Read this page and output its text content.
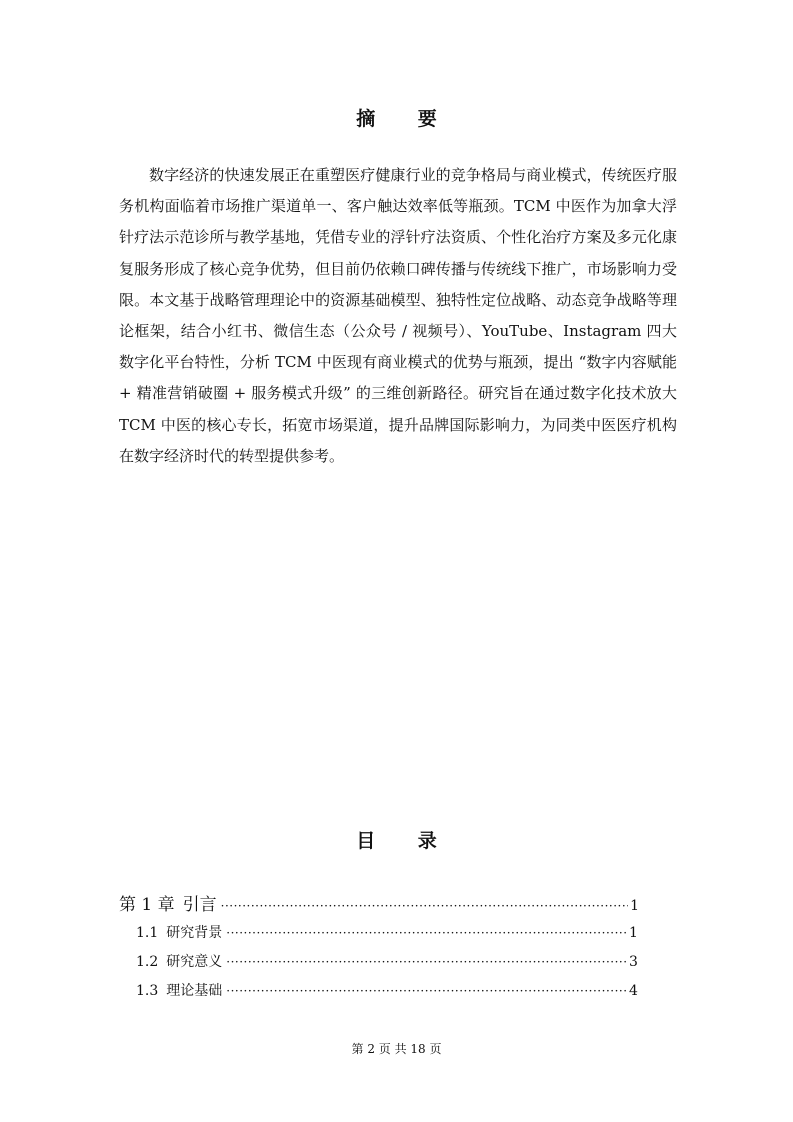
摘 要

数字经济的快速发展正在重塑医疗健康行业的竞争格局与商业模式，传统医疗服务机构面临着市场推广渠道单一、客户触达效率低等瓶颈。TCM 中医作为加拿大浮针疗法示范诊所与教学基地，凭借专业的浮针疗法资质、个性化治疗方案及多元化康复服务形成了核心竞争优势，但目前仍依赖口碑传播与传统线下推广，市场影响力受限。本文基于战略管理理论中的资源基础模型、独特性定位战略、动态竞争战略等理论框架，结合小红书、微信生态（公众号 / 视频号）、YouTube、Instagram 四大数字化平台特性，分析 TCM 中医现有商业模式的优势与瓶颈，提出 “数字内容赋能 + 精准营销破圈 + 服务模式升级” 的三维创新路径。研究旨在通过数字化技术放大 TCM 中医的核心专长，拓宽市场渠道，提升品牌国际影响力，为同类中医医疗机构在数字经济时代的转型提供参考。

目 录
第 1 章 引言 ·····	1
1.1 研究背景 ·····	1
1.2 研究意义 ·····	3
1.3 理论基础 ·····	4
第 2 页 共 18 页
